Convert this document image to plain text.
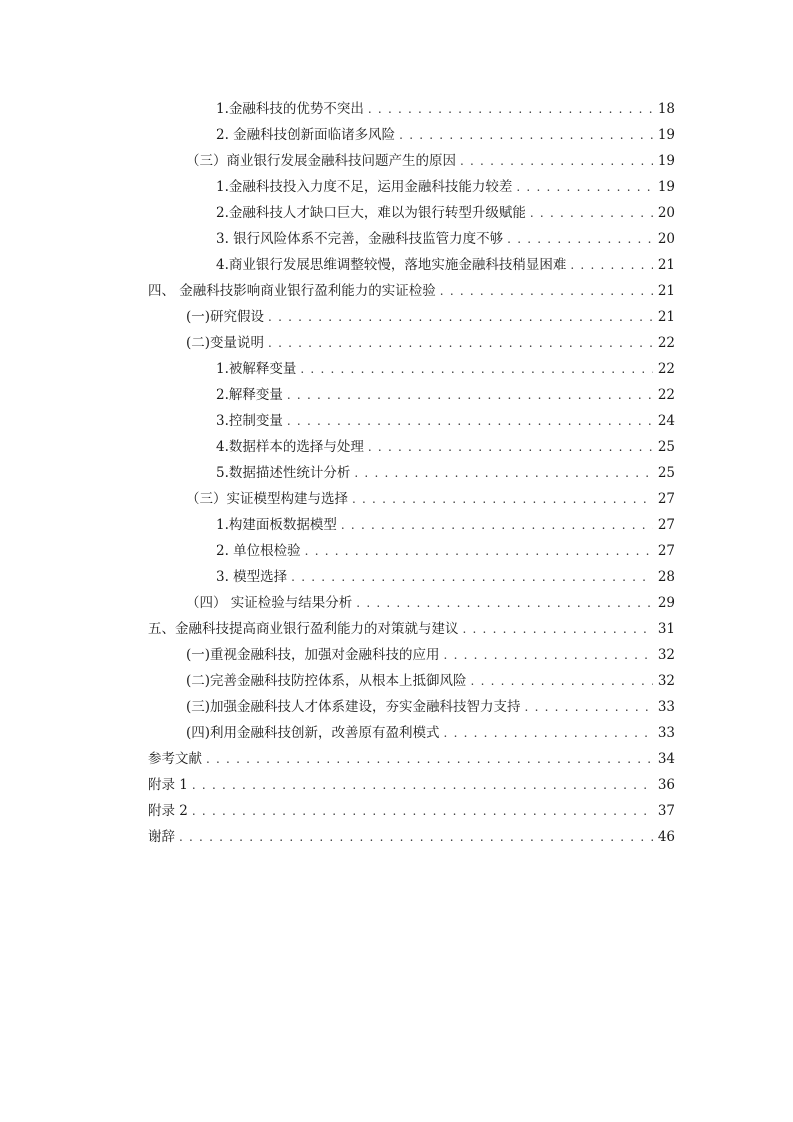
1.金融科技的优势不突出 . . .	18
2. 金融科技创新面临诸多风险 . . .	19
（三）商业银行发展金融科技问题产生的原因 . . .	19
1.金融科技投入力度不足，运用金融科技能力较差 . . .	19
2.金融科技人才缺口巨大，难以为银行转型升级赋能 . . .	20
3. 银行风险体系不完善，金融科技监管力度不够 . . .	20
4.商业银行发展思维调整较慢，落地实施金融科技稍显困难 . . .	21
四、 金融科技影响商业银行盈利能力的实证检验 . . .	21
(一)研究假设 . . .	21
(二)变量说明 . . .	22
1.被解释变量 . . .	22
2.解释变量 . . .	22
3.控制变量 . . .	24
4.数据样本的选择与处理 . . .	25
5.数据描述性统计分析 . . .	25
（三）实证模型构建与选择 . . .	27
1.构建面板数据模型 . . .	27
2. 单位根检验 . . .	27
3. 模型选择 . . .	28
（四） 实证检验与结果分析 . . .	29
五、金融科技提高商业银行盈利能力的对策就与建议 . . .	31
(一)重视金融科技，加强对金融科技的应用 . . .	32
(二)完善金融科技防控体系，从根本上抵御风险 . . .	32
(三)加强金融科技人才体系建设，夯实金融科技智力支持 . . .	33
(四)利用金融科技创新，改善原有盈利模式 . . .	33
参考文献 . . .	34
附录 1 . . .	36
附录 2 . . .	37
谢辞 . . .	46
